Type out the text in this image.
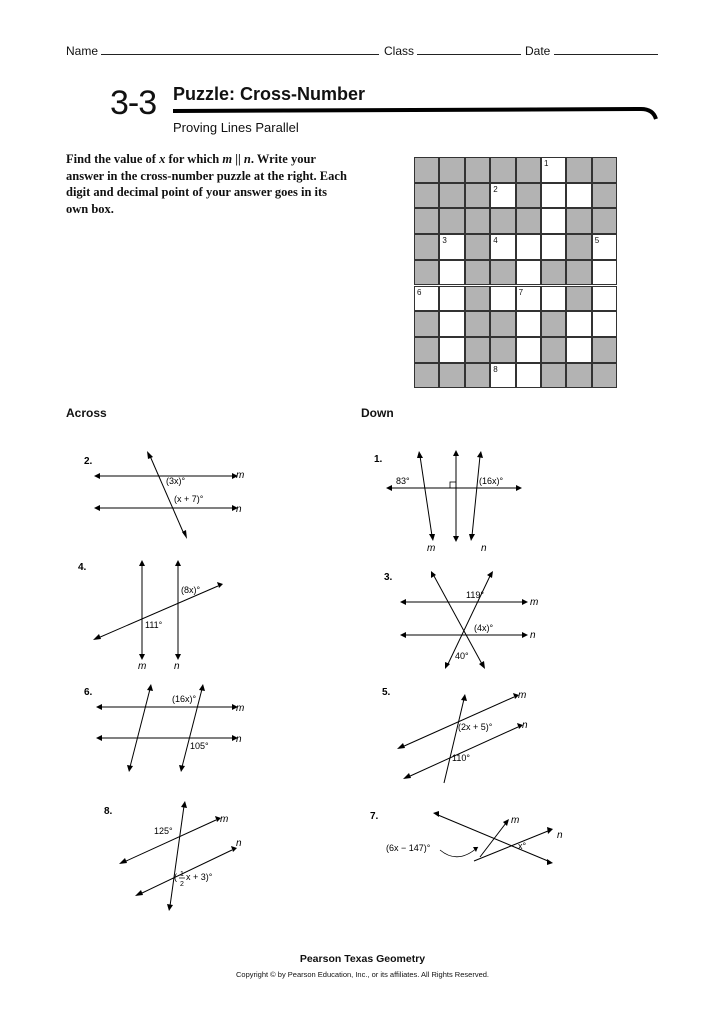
Name	Class	Date
3-3 Puzzle: Cross-Number
Proving Lines Parallel
Find the value of x for which m || n. Write your answer in the cross-number puzzle at the right. Each digit and decimal point of your answer goes in its own box.
1
2
3	4	5
6	7
8
Across	Down
2.
(3x)°
(x + 7)°
m
n
4.
(8x)°
111°
m	n
6.
(16x)°
105°
m
n
8.
125°
( 1
2
x + 3)°
m
n
1.
83°	(16x)°
m	n
3.
119°
(4x)°
40°
m
n
5.
(2x + 5)°
110°
m
n
7.
(6x − 147)°	x°
m
n
Pearson Texas Geometry
Copyright © by Pearson Education, Inc., or its affiliates. All Rights Reserved.
